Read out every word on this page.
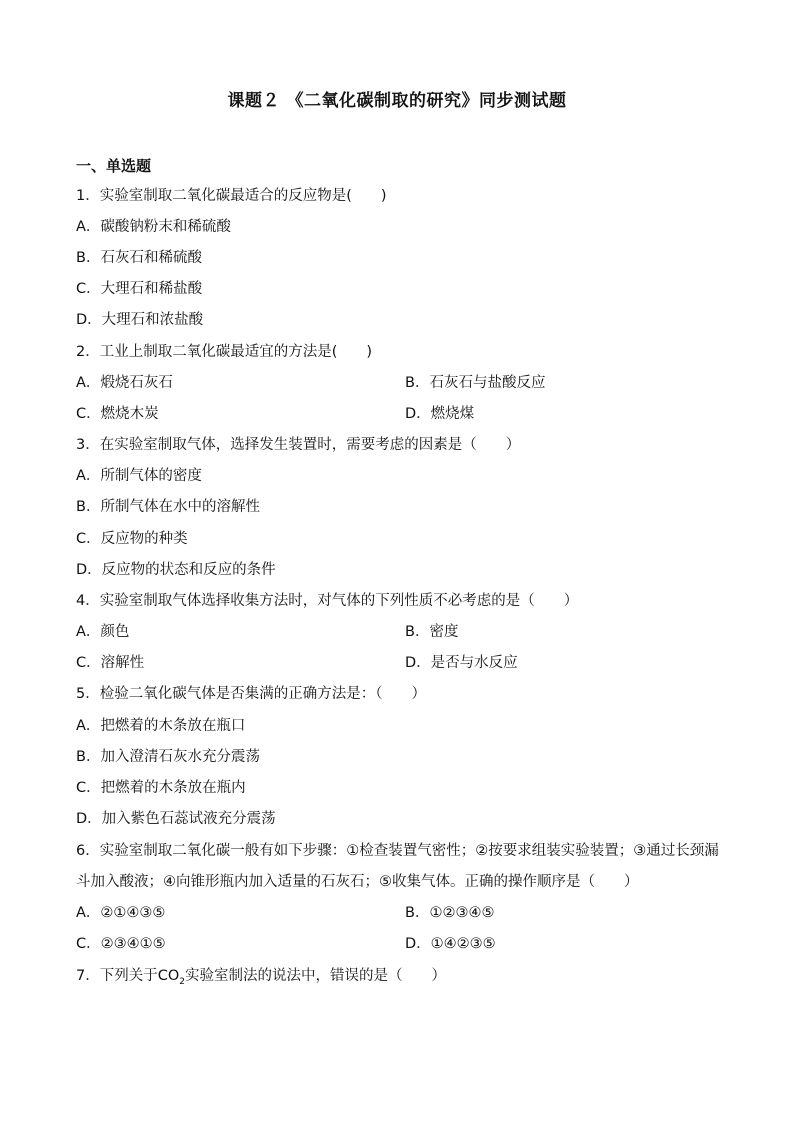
课题２ 《二氧化碳制取的研究》同步测试题
一、单选题
1．实验室制取二氧化碳最适合的反应物是(　　)
A．碳酸钠粉末和稀硫酸
B．石灰石和稀硫酸
C．大理石和稀盐酸
D．大理石和浓盐酸
2．工业上制取二氧化碳最适宜的方法是(　　)
A．煅烧石灰石	B．石灰石与盐酸反应
C．燃烧木炭	D．燃烧煤
3．在实验室制取气体，选择发生装置时，需要考虑的因素是（　　）
A．所制气体的密度
B．所制气体在水中的溶解性
C．反应物的种类
D．反应物的状态和反应的条件
4．实验室制取气体选择收集方法时，对气体的下列性质不必考虑的是（　　）
A．颜色	B．密度
C．溶解性	D．是否与水反应
5．检验二氧化碳气体是否集满的正确方法是：（　　）
A．把燃着的木条放在瓶口
B．加入澄清石灰水充分震荡
C．把燃着的木条放在瓶内
D．加入紫色石蕊试液充分震荡
6．实验室制取二氧化碳一般有如下步骤：①检查装置气密性；②按要求组装实验装置；③通过长颈漏斗加入酸液；④向锥形瓶内加入适量的石灰石；⑤收集气体。正确的操作顺序是（　　）
A．②①④③⑤	B．①②③④⑤
C．②③④①⑤	D．①④②③⑤
7．下列关于$CO_2$实验室制法的说法中，错误的是（　　）
